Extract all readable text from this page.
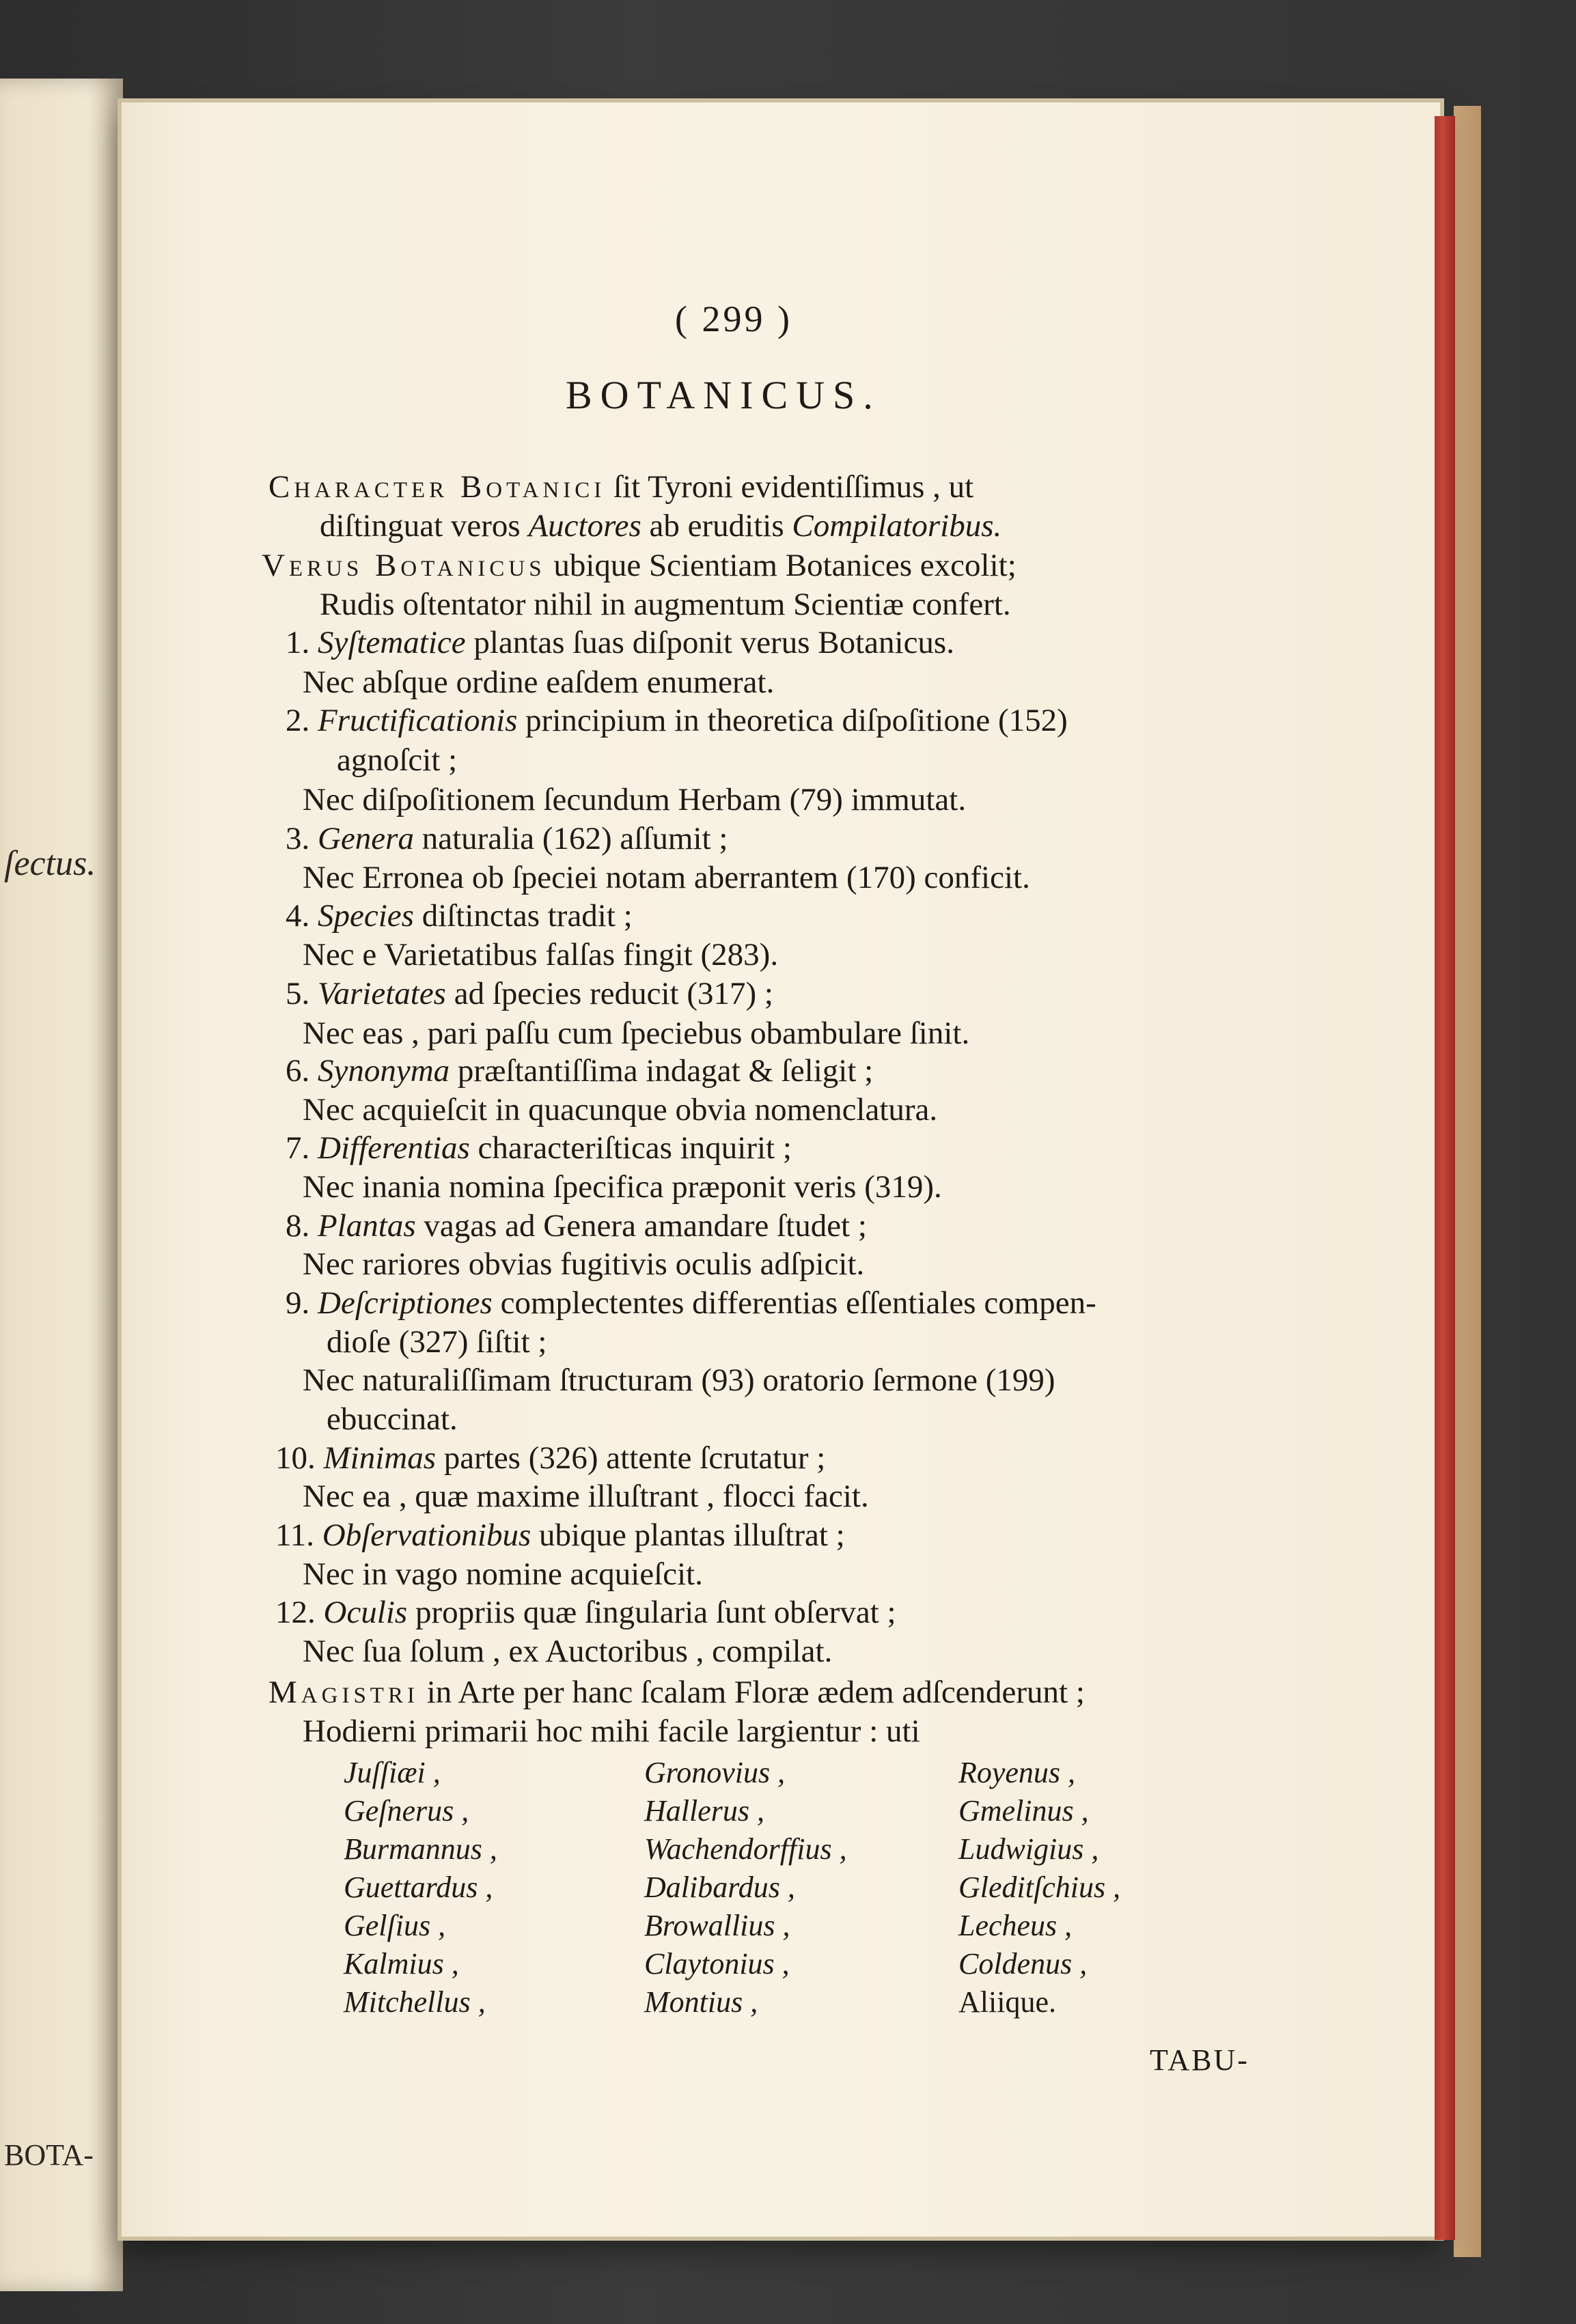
ſectus.
BOTA-
( 299 )
BOTANICUS.
Character Botanici ſit Tyroni evidentiſſimus , ut
diſtinguat veros Auctores ab eruditis Compilatoribus.
Verus Botanicus ubique Scientiam Botanices excolit;
Rudis oſtentator nihil in augmentum Scientiæ confert.
1. Syſtematice plantas ſuas diſponit verus Botanicus.
Nec abſque ordine eaſdem enumerat.
2. Fructificationis principium in theoretica diſpoſitione (152)
agnoſcit ;
Nec diſpoſitionem ſecundum Herbam (79) immutat.
3. Genera naturalia (162) aſſumit ;
Nec Erronea ob ſpeciei notam aberrantem (170) conficit.
4. Species diſtinctas tradit ;
Nec e Varietatibus falſas fingit (283).
5. Varietates ad ſpecies reducit (317) ;
Nec eas , pari paſſu cum ſpeciebus obambulare ſinit.
6. Synonyma præſtantiſſima indagat & ſeligit ;
Nec acquieſcit in quacunque obvia nomenclatura.
7. Differentias characteriſticas inquirit ;
Nec inania nomina ſpecifica præponit veris (319).
8. Plantas vagas ad Genera amandare ſtudet ;
Nec rariores obvias fugitivis oculis adſpicit.
9. Deſcriptiones complectentes differentias eſſentiales compen-
dioſe (327) ſiſtit ;
Nec naturaliſſimam ſtructuram (93) oratorio ſermone (199)
ebuccinat.
10. Minimas partes (326) attente ſcrutatur ;
Nec ea , quæ maxime illuſtrant , flocci facit.
11. Obſervationibus ubique plantas illuſtrat ;
Nec in vago nomine acquieſcit.
12. Oculis propriis quæ ſingularia ſunt obſervat ;
Nec ſua ſolum , ex Auctoribus , compilat.
Magistri in Arte per hanc ſcalam Floræ ædem adſcenderunt ;
Hodierni primarii hoc mihi facile largientur : uti
Juſſiæi ,	Gronovius ,	Royenus ,
Geſnerus ,	Hallerus ,	Gmelinus ,
Burmannus ,	Wachendorffius ,	Ludwigius ,
Guettardus ,	Dalibardus ,	Gleditſchius ,
Gelſius ,	Browallius ,	Lecheus ,
Kalmius ,	Claytonius ,	Coldenus ,
Mitchellus ,	Montius ,	Aliique.
TABU-
